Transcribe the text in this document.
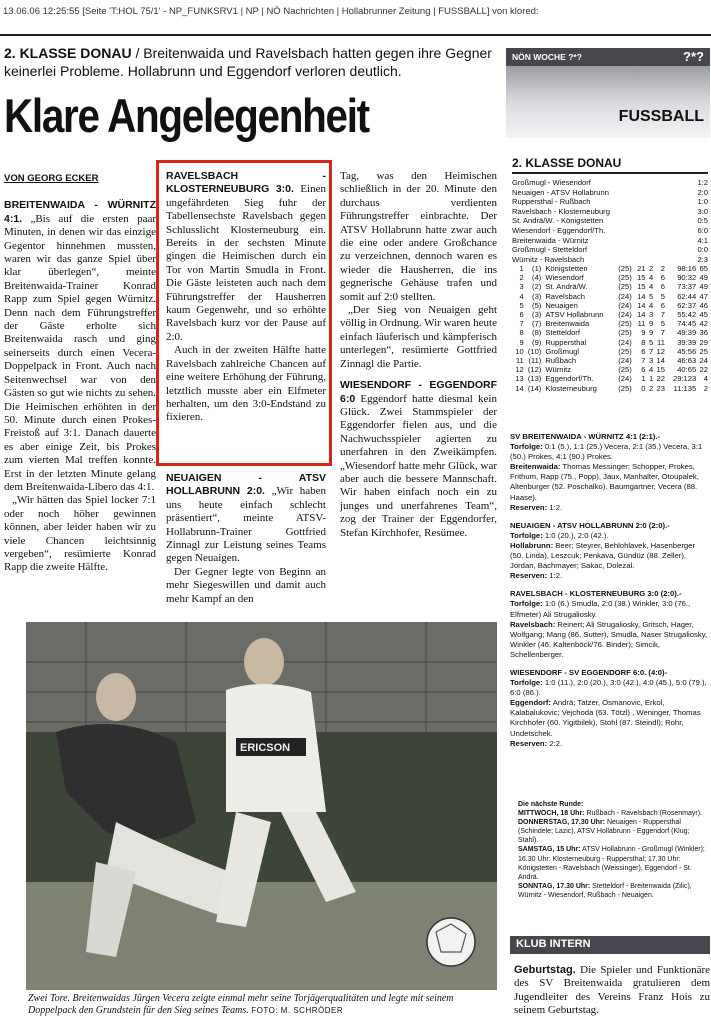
13.06.06 12:25:55 [Seite 'T:HOL 75/1' - NP_FUNKSRV1 | NP | NÖ Nachrichten | Hollabrunner Zeitung | FUSSBALL] von klored:
2. KLASSE DONAU / Breitenwaida und Ravelsbach hatten gegen ihre Gegner keinerlei Probleme. Hollabrunn und Eggendorf verloren deutlich.
Klare Angelegenheit
VON GEORG ECKER

BREITENWAIDA - WÜRNITZ 4:1. „Bis auf die ersten paar Minuten, in denen wir das einzige Gegentor hinnehmen mussten, waren wir das ganze Spiel über klar überlegen“, meinte Breitenwaida-Trainer Konrad Rapp zum Spiel gegen Würnitz. Denn nach dem Führungstreffer der Gäste erholte sich Breitenwaida rasch und ging seinerseits durch einen Vecera-Doppelpack in Front. Auch nach Seitenwechsel war von den Gästen so gut wie nichts zu sehen. Die Heimischen erhöhten in der 50. Minute durch einen Prokes-Freistoß auf 3:1. Danach dauerte es aber einige Zeit, bis Prokes zum vierten Mal treffen konnte. Erst in der letzten Minute gelang dem Breitenwaida-Libero das 4:1.

„Wir hätten das Spiel locker 7:1 oder noch höher gewinnen können, aber leider haben wir zu viele Chancen leichtsinnig vergeben“, resümierte Konrad Rapp die zweite Hälfte.

RAVELSBACH - KLOSTERNEUBURG 3:0. Einen ungefährdeten Sieg fuhr der Tabellensechste Ravelsbach gegen Schlusslicht Klosterneuburg ein. Bereits in der sechsten Minute gingen die Heimischen durch ein Tor von Martin Smudla in Front. Die Gäste leisteten auch nach dem Führungstreffer der Hausherren kaum Gegenwehr, und so erhöhte Ravelsbach kurz vor der Pause auf 2:0.

Auch in der zweiten Hälfte hatte Ravelsbach zahlreiche Chancen auf eine weitere Erhöhung der Führung, letztlich musste aber ein Elfmeter herhalten, um den 3:0-Endstand zu fixieren.

NEUAIGEN - ATSV HOLLABRUNN 2:0. „Wir haben uns heute einfach schlecht präsentiert“, meinte ATSV-Hollabrunn-Trainer Gottfried Zinnagl zur Leistung seines Teams gegen Neuaigen.

Der Gegner legte von Beginn an mehr Siegeswillen und damit auch mehr Kampf an den

Tag, was den Heimischen schließlich in der 20. Minute den durchaus verdienten Führungstreffer einbrachte. Der ATSV Hollabrunn hatte zwar auch die eine oder andere Großchance zu verzeichnen, dennoch waren es wieder die Hausherren, die ins gegnerische Gehäuse trafen und somit auf 2:0 stellten.

„Der Sieg von Neuaigen geht völlig in Ordnung. Wir waren heute einfach läuferisch und kämpferisch unterlegen“, resümierte Gottfried Zinnagl die Partie.

WIESENDORF - EGGENDORF 6:0 Eggendorf hatte diesmal kein Glück. Zwei Stammspieler der Eggendorfer fielen aus, und die Nachwuchsspieler agierten zu unerfahren in den Zweikämpfen. „Wiesendorf hatte mehr Glück, war aber auch die bessere Mannschaft. Wir haben einfach noch ein zu junges und unerfahrenes Team“, zog der Trainer der Eggendorfer, Stefan Kirchhofer, Resümee.

ERICSON
Zwei Tore. Breitenwaidas Jürgen Vecera zeigte einmal mehr seine Torjägerqualitäten und legte mit seinem Doppelpack den Grundstein für den Sieg seines Teams. FOTO: M. SCHRÖDER
NÖN WOCHE ?*?	?*?
FUSSBALL
2. KLASSE DONAU
Großmugl - Wiesendorf	1:2
Neuaigen - ATSV Hollabrunn	2:0
Ruppersthal - Rußbach	1:0
Ravelsbach - Klosterneuburg	3:0
St. Andrä/W. - Königstetten	0:5
Wiesendorf - Eggendorf/Th.	6:0
Breitenwaida - Würnitz	4:1
Großmugl - Stetteldorf	0:0
Würnitz - Ravelsbach	2:3
1	(1)	Königstetten	(25)	21	2	2	98:16	65
2	(4)	Wiesendorf	(25)	15	4	6	90:32	49
3	(2)	St. Andrä/W.	(25)	15	4	6	73:37	49
4	(3)	Ravelsbach	(24)	14	5	5	62:44	47
5	(5)	Neuaigen	(24)	14	4	6	62:37	46
6	(3)	ATSV Hollabrunn	(24)	14	3	7	55:42	45
7	(7)	Breitenwaida	(25)	11	9	5	74:45	42
8	(8)	Stetteldorf	(25)	9	9	7	49:39	36
9	(9)	Ruppersthal	(24)	8	5	11	39:39	29
10	(10)	Großmugl	(25)	6	7	12	45:56	25
11	(11)	Rußbach	(24)	7	3	14	46:63	24
12	(12)	Würnitz	(25)	6	4	15	40:65	22
13	(13)	Eggendorf/Th.	(24)	1	1	22	29:123	4
14	(14)	Klosterneuburg	(25)	0	2	23	11:135	2

SV BREITENWAIDA - WÜRNITZ 4:1 (2:1).-
Torfolge: 0:1 (5.), 1:1 (25.) Vecera, 2:1 (35.) Vecera, 3:1 (50.) Prokes, 4:1 (90.) Prokes.
Breitenwaida: Thomas Messinger; Schopper, Prokes, Frithum, Rapp (75., Popp), Jaux, Manhalter, Otoupalek, Altenburger (52. Poschalko), Baumgartner, Vecera (88. Haase).
Reserven: 1:2.

NEUAIGEN - ATSV HOLLABRUNN 2:0 (2:0).-
Torfolge: 1:0 (20.), 2:0 (42.).
Hollabrunn: Beer; Steyrer, Behlohlavek, Hasenberger (50. Linda), Leszcuk; Penkava, Gündüz (88. Zeller), Jordan, Bachmayer; Sakac, Dolezal.
Reserven: 1:2.

RAVELSBACH - KLOSTERNEUBURG 3:0 (2:0).-
Torfolge: 1:0 (6.) Smudla, 2:0 (38.) Winkler, 3:0 (76., Elfmeter) Ali Strugaliosky.
Ravelsbach: Reinert; Ali Strugaliosky, Gritsch, Hager, Wolfgang; Mang (86. Sutter), Smudla, Naser Strugaliosky, Winkler (46. Kaltenböck/76. Binder); Simcik, Schellenberger.

WIESENDORF - SV EGGENDORF 6:0. (4:0)-
Torfolge: 1:0 (11.), 2:0 (20.), 3:0 (42.), 4:0 (45.), 5:0 (79.), 6:0 (86.).
Eggendorf: Andrä; Tatzer, Osmanovic, Erkol, Kalabalukovic; Vejchoda (63. Tötzl) , Weninger, Thomas Kirchhofer (60. Yigitbilek), Stohl (87. Steindl); Rohr, Undetschek.
Reserven: 2:2.

Die nächste Runde:

MITTWOCH, 18 Uhr: Rußbach - Ravelsbach (Rosenmayr).

DONNERSTAG, 17.30 Uhr: Neuaigen - Ruppersthal (Schindele; Lazic), ATSV Hollabrunn - Eggendorf (Klug; Stahl).

SAMSTAG, 15 Uhr: ATSV Hollabrunn - Großmugl (Winkler); 16.30 Uhr: Klosterneuburg - Ruppersthal; 17.30 Uhr: Königstetten - Ravelsbach (Weissinger), Eggendorf - St. Andrä.

SONNTAG, 17.30 Uhr: Stetteldorf - Breitenwaida (Zilic), Würnitz - Wiesendorf, Rußbach - Neuaigen.

KLUB INTERN
Geburtstag. Die Spieler und Funktionäre des SV Breitenwaida gratulieren dem Jugendleiter des Vereins Franz Hois zu seinem Geburtstag.
